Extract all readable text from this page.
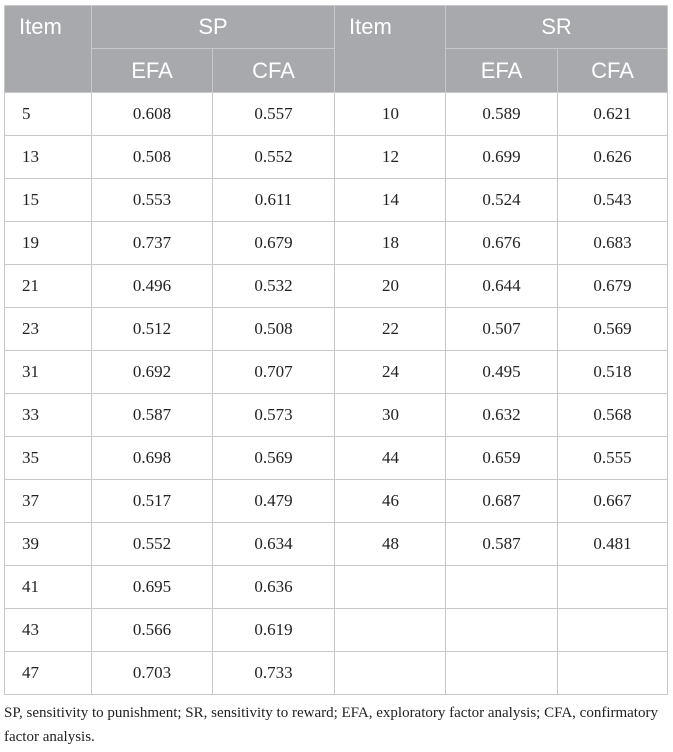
Item	SP		Item	SR	
	EFA	CFA		EFA	CFA
5	0.608	0.557	10	0.589	0.621
13	0.508	0.552	12	0.699	0.626
15	0.553	0.611	14	0.524	0.543
19	0.737	0.679	18	0.676	0.683
21	0.496	0.532	20	0.644	0.679
23	0.512	0.508	22	0.507	0.569
31	0.692	0.707	24	0.495	0.518
33	0.587	0.573	30	0.632	0.568
35	0.698	0.569	44	0.659	0.555
37	0.517	0.479	46	0.687	0.667
39	0.552	0.634	48	0.587	0.481
41	0.695	0.636			
43	0.566	0.619			
47	0.703	0.733			

SP, sensitivity to punishment; SR, sensitivity to reward; EFA, exploratory factor analysis; CFA, confirmatory factor analysis.
